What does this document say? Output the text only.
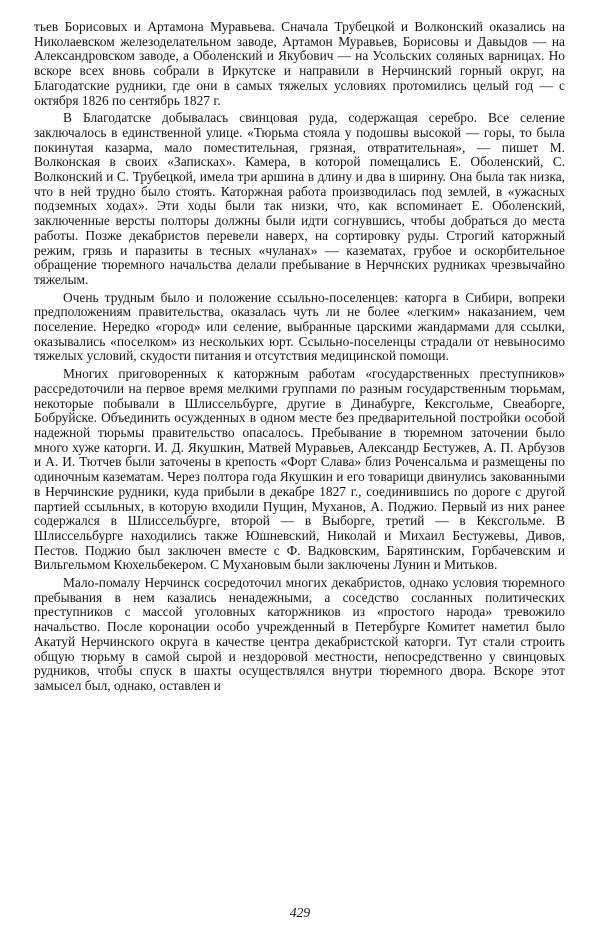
тьев Борисовых и Артамона Муравьева. Сначала Трубецкой и Волконский оказались на Николаевском железоделательном заводе, Артамон Муравьев, Борисовы и Давыдов — на Александровском заводе, а Оболенский и Якубович — на Усольских соляных варницах. Но вскоре всех вновь собрали в Иркутске и направили в Нерчинский горный округ, на Благодатские рудники, где они в самых тяжелых условиях протомились целый год — с октября 1826 по сентябрь 1827 г.

В Благодатске добывалась свинцовая руда, содержащая серебро. Все селение заключалось в единственной улице. «Тюрьма стояла у подошвы высокой — горы, то была покинутая казарма, мало поместительная, грязная, отвратительная», — пишет М. Волконская в своих «Записках». Камера, в которой помещались Е. Оболенский, С. Волконский и С. Трубецкой, имела три аршина в длину и два в ширину. Она была так низка, что в ней трудно было стоять. Каторжная работа производилась под землей, в «ужасных подземных ходах». Эти ходы были так низки, что, как вспоминает Е. Оболенский, заключенные версты полторы должны были идти согнувшись, чтобы добраться до места работы. Позже декабристов перевели наверх, на сортировку руды. Строгий каторжный режим, грязь и паразиты в тесных «чуланах» — казематах, грубое и оскорбительное обращение тюремного начальства делали пребывание в Нерчнских рудниках чрезвычайно тяжелым.

Очень трудным было и положение ссыльно-поселенцев: каторга в Сибири, вопреки предположениям правительства, оказалась чуть ли не более «легким» наказанием, чем поселение. Нередко «город» или селение, выбранные царскими жандармами для ссылки, оказывались «поселком» из нескольких юрт. Ссыльно-поселенцы страдали от невыносимо тяжелых условий, скудости питания и отсутствия медицинской помощи.

Многих приговоренных к каторжным работам «государственных преступников» рассредоточили на первое время мелкими группами по разным государственным тюрьмам, некоторые побывали в Шлиссельбурге, другие в Динабурге, Кексгольме, Свеаборге, Бобруйске. Объединить осужденных в одном месте без предварительной постройки особой надежной тюрьмы правительство опасалось. Пребывание в тюремном заточении было много хуже каторги. И. Д. Якушкин, Матвей Муравьев, Александр Бестужев, А. П. Арбузов и А. И. Тютчев были заточены в крепость «Форт Слава» близ Роченсальма и размещены по одиночным казематам. Через полтора года Якушкин и его товарищи двинулись закованными в Нерчинские рудники, куда прибыли в декабре 1827 г., соединившись по дороге с другой партией ссыльных, в которую входили Пущин, Муханов, А. Поджио. Первый из них ранее содержался в Шлиссельбурге, второй — в Выборге, третий — в Кексгольме. В Шлиссельбурге находились также Юшневский, Николай и Михаил Бестужевы, Дивов, Пестов. Поджио был заключен вместе с Ф. Вадковским, Барятинским, Горбачевским и Вильгельмом Кюхельбекером. С Мухановым были заключены Лунин и Митьков.

Мало-помалу Нерчинск сосредоточил многих декабристов, однако условия тюремного пребывания в нем казались ненадежными, а соседство сосланных политических преступников с массой уголовных каторжников из «простого народа» тревожило начальство. После коронации особо учрежденный в Петербурге Комитет наметил было Акатуй Нерчинского округа в качестве центра декабристской каторги. Тут стали строить общую тюрьму в самой сырой и нездоровой местности, непосредственно у свинцовых рудников, чтобы спуск в шахты осуществлялся внутри тюремного двора. Вскоре этот замысел был, однако, оставлен и

429
